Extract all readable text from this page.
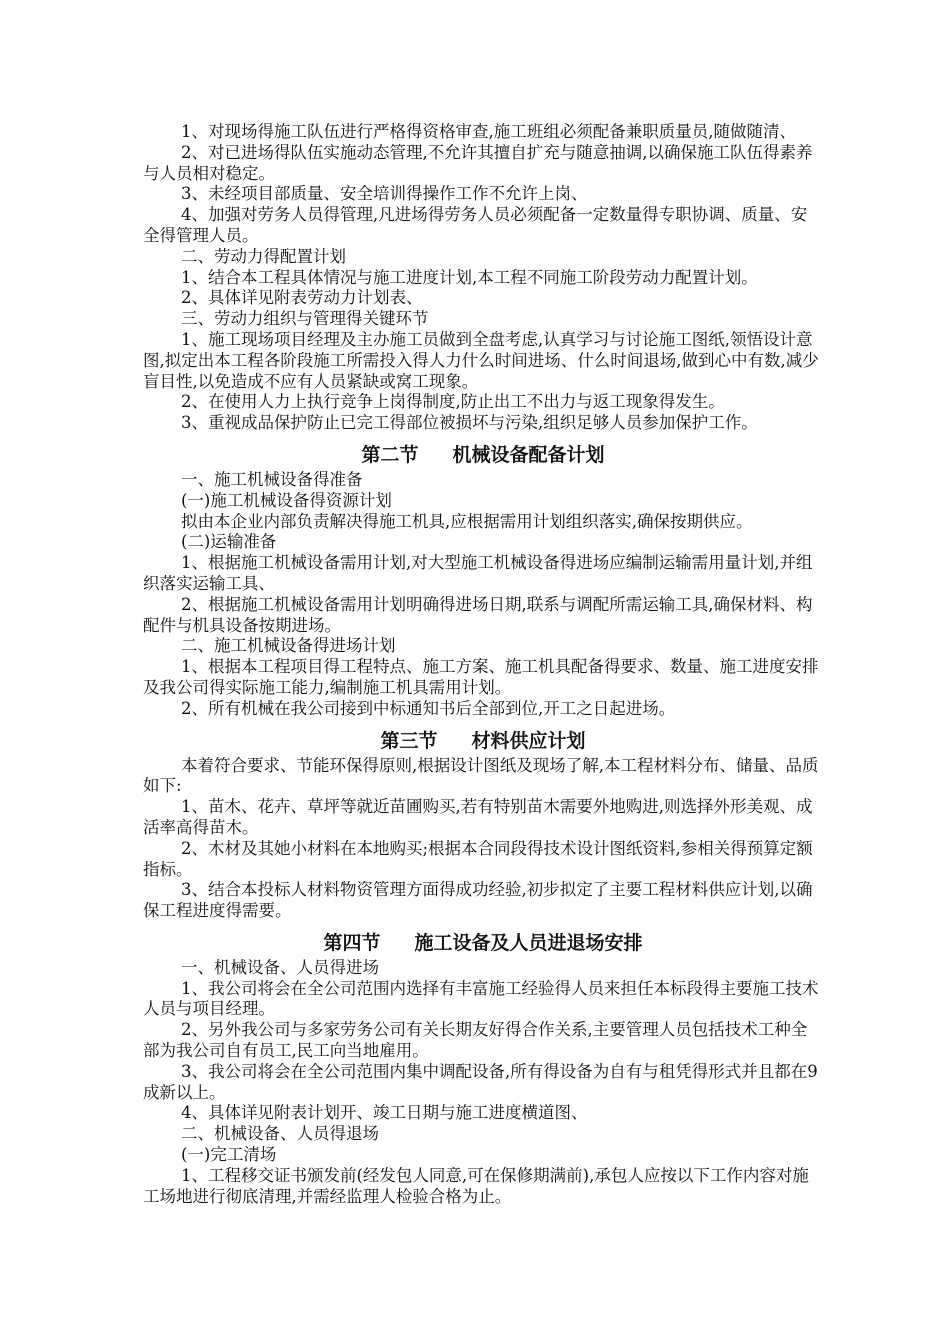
1、对现场得施工队伍进行严格得资格审查,施工班组必须配备兼职质量员,随做随清、

2、对已进场得队伍实施动态管理,不允许其擅自扩充与随意抽调,以确保施工队伍得素养与人员相对稳定。

3、未经项目部质量、安全培训得操作工作不允许上岗、

4、加强对劳务人员得管理,凡进场得劳务人员必须配备一定数量得专职协调、质量、安全得管理人员。

二、劳动力得配置计划

1、结合本工程具体情况与施工进度计划,本工程不同施工阶段劳动力配置计划。

2、具体详见附表劳动力计划表、

三、劳动力组织与管理得关键环节

1、施工现场项目经理及主办施工员做到全盘考虑,认真学习与讨论施工图纸,领悟设计意图,拟定出本工程各阶段施工所需投入得人力什么时间进场、什么时间退场,做到心中有数,减少盲目性,以免造成不应有人员紧缺或窝工现象。

2、在使用人力上执行竞争上岗得制度,防止出工不出力与返工现象得发生。

3、重视成品保护防止已完工得部位被损坏与污染,组织足够人员参加保护工作。

第二节 机械设备配备计划

一、施工机械设备得准备

(一)施工机械设备得资源计划

拟由本企业内部负责解决得施工机具,应根据需用计划组织落实,确保按期供应。

(二)运输准备

1、根据施工机械设备需用计划,对大型施工机械设备得进场应编制运输需用量计划,并组织落实运输工具、

2、根据施工机械设备需用计划明确得进场日期,联系与调配所需运输工具,确保材料、构配件与机具设备按期进场。

二、施工机械设备得进场计划

1、根据本工程项目得工程特点、施工方案、施工机具配备得要求、数量、施工进度安排及我公司得实际施工能力,编制施工机具需用计划。

2、所有机械在我公司接到中标通知书后全部到位,开工之日起进场。

第三节 材料供应计划

本着符合要求、节能环保得原则,根据设计图纸及现场了解,本工程材料分布、储量、品质如下:

1、苗木、花卉、草坪等就近苗圃购买,若有特别苗木需要外地购进,则选择外形美观、成活率高得苗木。

2、木材及其她小材料在本地购买;根据本合同段得技术设计图纸资料,参相关得预算定额指标。

3、结合本投标人材料物资管理方面得成功经验,初步拟定了主要工程材料供应计划,以确保工程进度得需要。

第四节 施工设备及人员进退场安排

一、机械设备、人员得进场

1、我公司将会在全公司范围内选择有丰富施工经验得人员来担任本标段得主要施工技术人员与项目经理。

2、另外我公司与多家劳务公司有关长期友好得合作关系,主要管理人员包括技术工种全部为我公司自有员工,民工向当地雇用。

3、我公司将会在全公司范围内集中调配设备,所有得设备为自有与租凭得形式并且都在9成新以上。

4、具体详见附表计划开、竣工日期与施工进度横道图、

二、机械设备、人员得退场

(一)完工清场

1、工程移交证书颁发前(经发包人同意,可在保修期满前),承包人应按以下工作内容对施工场地进行彻底清理,并需经监理人检验合格为止。
